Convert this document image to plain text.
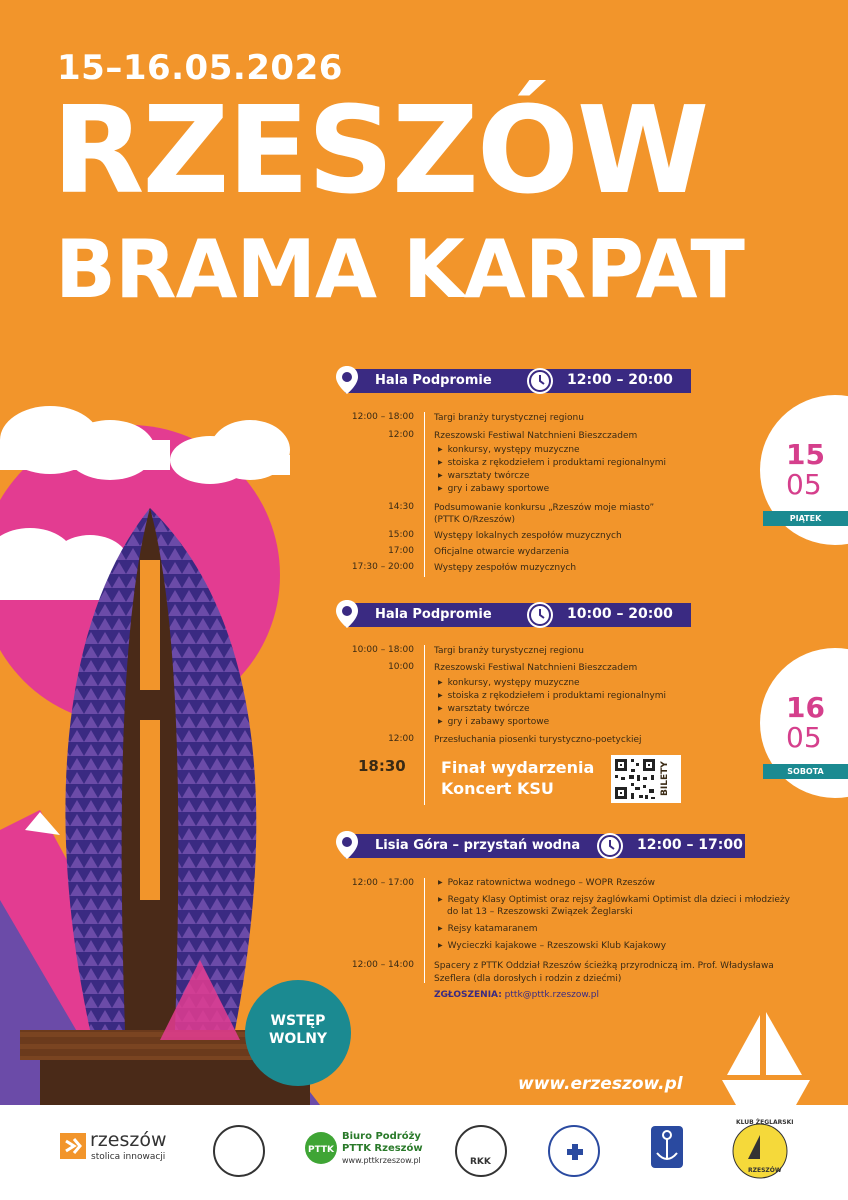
15–16.05.2026
RZESZÓW
BRAMA KARPAT
Hala Podpromie	12:00 – 20:00
12:00 – 18:00 Targi branży turystycznej regionu
12:00 Rzeszowski Festiwal Natchnieni Bieszczadem
▶ konkursy, występy muzyczne
▶ stoiska z rękodziełem i produktami regionalnymi
▶ warsztaty twórcze
▶ gry i zabawy sportowe
14:30 Podsumowanie konkursu „Rzeszów moje miasto”
(PTTK O/Rzeszów)
15:00 Występy lokalnych zespołów muzycznych
17:00 Oficjalne otwarcie wydarzenia
17:30 – 20:00 Występy zespołów muzycznych
15
05
PIĄTEK
Hala Podpromie	10:00 – 20:00
10:00 – 18:00 Targi branży turystycznej regionu
10:00 Rzeszowski Festiwal Natchnieni Bieszczadem
▶ konkursy, występy muzyczne
▶ stoiska z rękodziełem i produktami regionalnymi
▶ warsztaty twórcze
▶ gry i zabawy sportowe
12:00 Przesłuchania piosenki turystyczno-poetyckiej
18:30 Finał wydarzenia
Koncert KSU	BILETY
16
05
SOBOTA
Lisia Góra – przystań wodna	12:00 – 17:00
12:00 – 17:00
▶	Pokaz ratownictwa wodnego – WOPR Rzeszów
▶ Regaty Klasy Optimist oraz rejsy żaglówkami Optimist dla dzieci i młodzieży
do lat 13 – Rzeszowski Związek Żeglarski
▶ Rejsy katamaranem
▶ Wycieczki kajakowe – Rzeszowski Klub Kajakowy
12:00 – 14:00 Spacery z PTTK Oddział Rzeszów ścieżką przyrodniczą im. Prof. Władysława
Szeflera (dla dorosłych i rodzin z dziećmi)
ZGŁOSZENIA: pttk@pttk.rzeszow.pl
WSTĘP
WOLNY
www.erzeszow.pl
rzeszów
stolica innowacji
PTTK
Biuro Podróży
PTTK Rzeszów
www.pttkrzeszow.pl	RKK
KLUB ŻEGLARSKI
RZESZÓW
